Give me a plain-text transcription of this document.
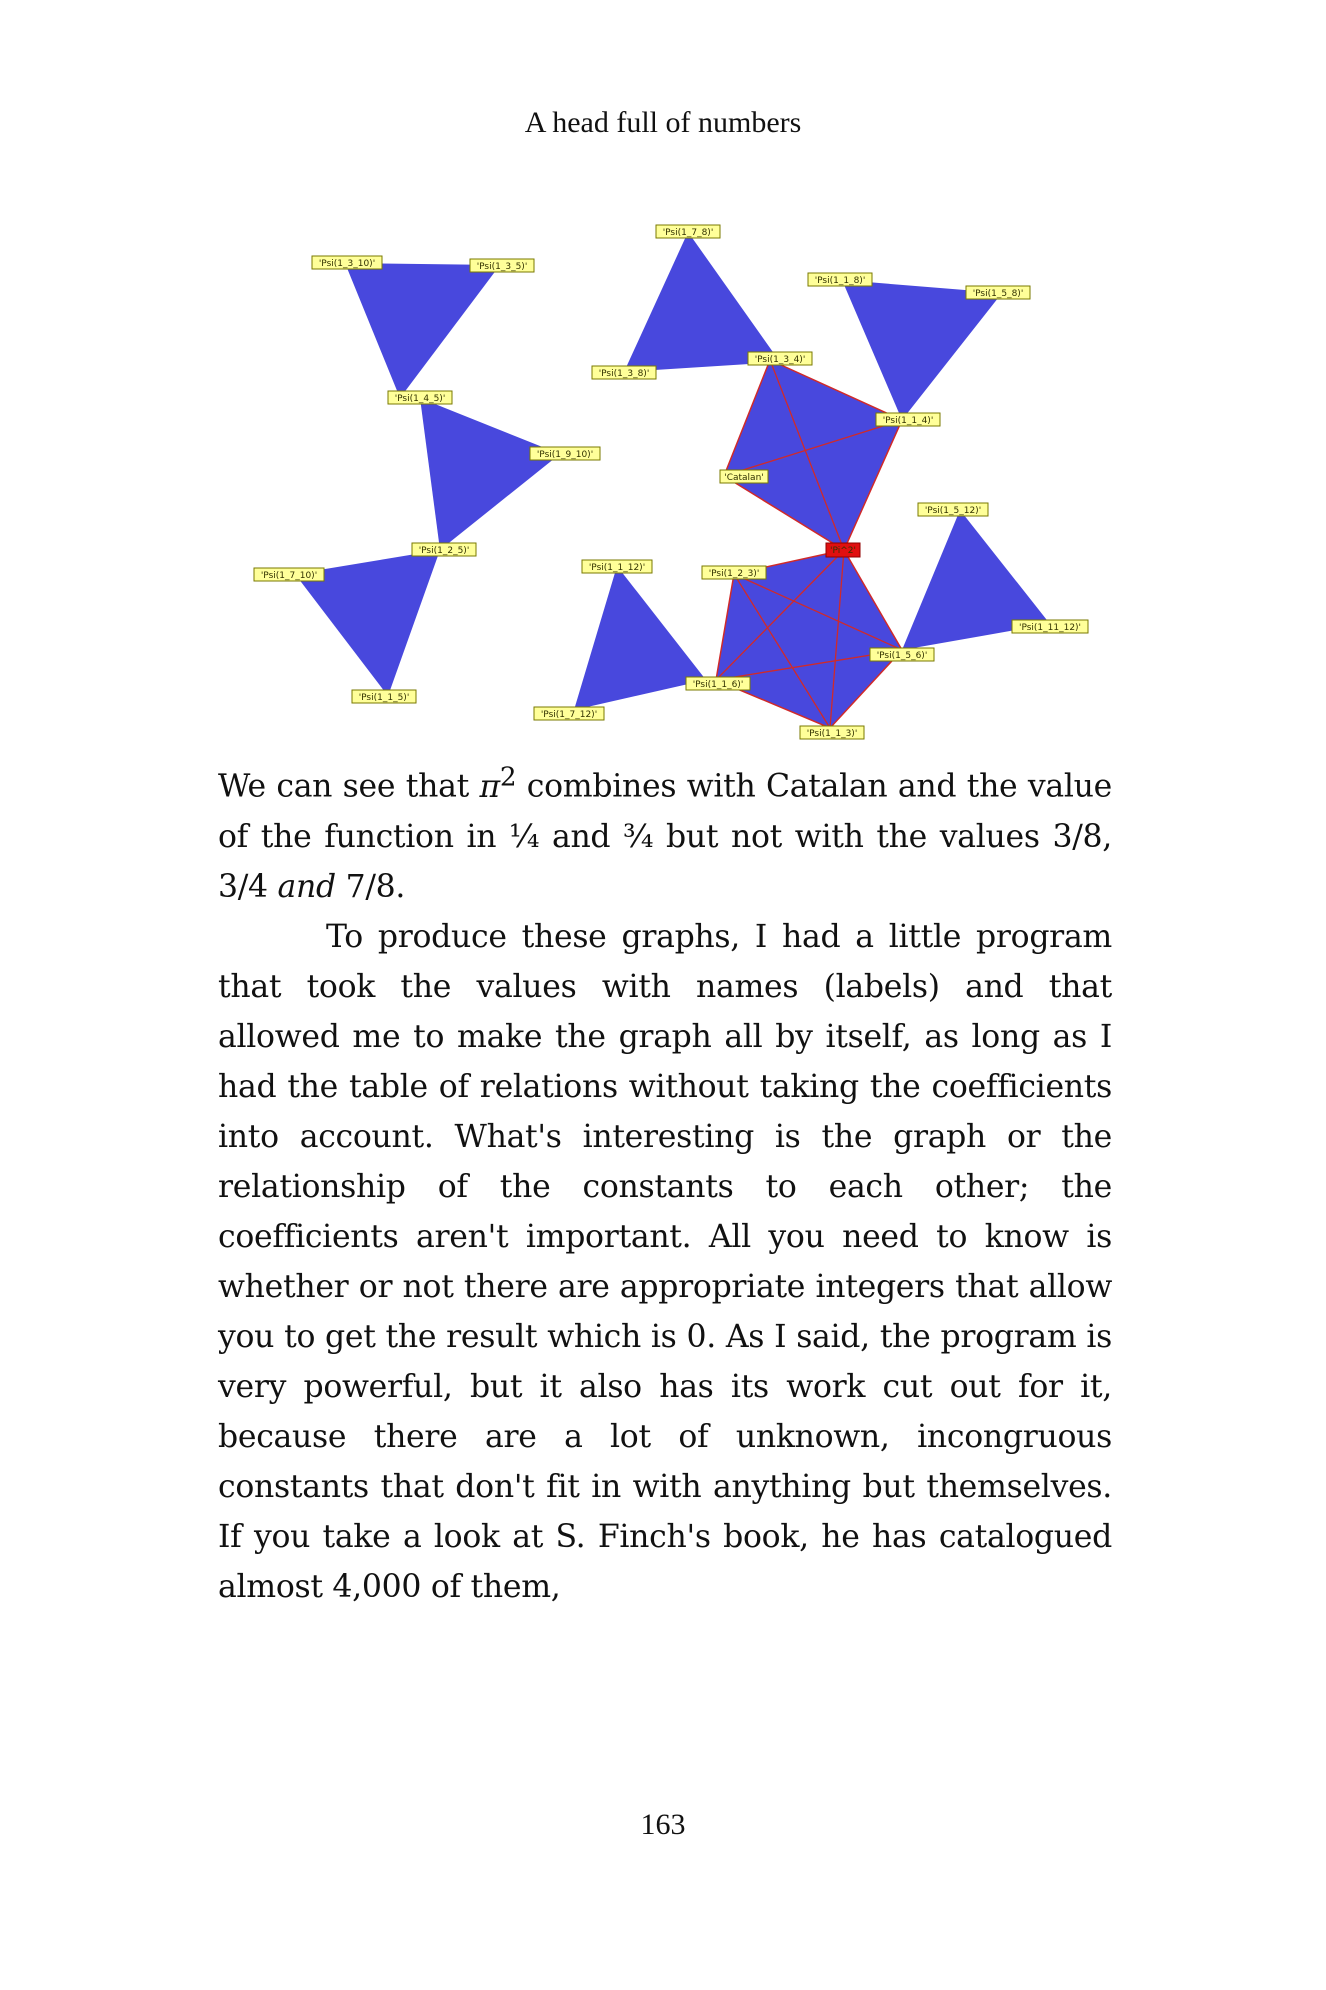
A head full of numbers
'Psi(1_3_10)'	'Psi(1_3_5)'
'Psi(1_4_5)'
'Psi(1_9_10)'
'Psi(1_2_5)'
'Psi(1_7_10)'
'Psi(1_1_5)'
'Psi(1_7_8)'
'Psi(1_3_8)'
'Psi(1_3_4)'
'Psi(1_1_8)'
'Psi(1_5_8)'
'Psi(1_1_4)'
'Catalan'
'Psi(1_5_12)'
'Psi(1_11_12)'
'Psi(1_5_6)'
'Psi(1_1_12)'
'Psi(1_2_3)'
'Psi(1_1_6)'
'Psi(1_7_12)'
'Psi(1_1_3)'
'Pi^2'

We can see that $\pi^2$ combines with Catalan and the value of the function in ¼ and ¾ but not with the values 3/8, 3/4 and 7/8.

To produce these graphs, I had a little program that took the values with names (labels) and that allowed me to make the graph all by itself, as long as I had the table of relations without taking the coefficients into account. What's interesting is the graph or the relationship of the constants to each other; the coefficients aren't important. All you need to know is whether or not there are appropriate integers that allow you to get the result which is 0. As I said, the program is very powerful, but it also has its work cut out for it, because there are a lot of unknown, incongruous constants that don't fit in with anything but themselves. If you take a look at S. Finch's book, he has catalogued almost 4,000 of them,

163
